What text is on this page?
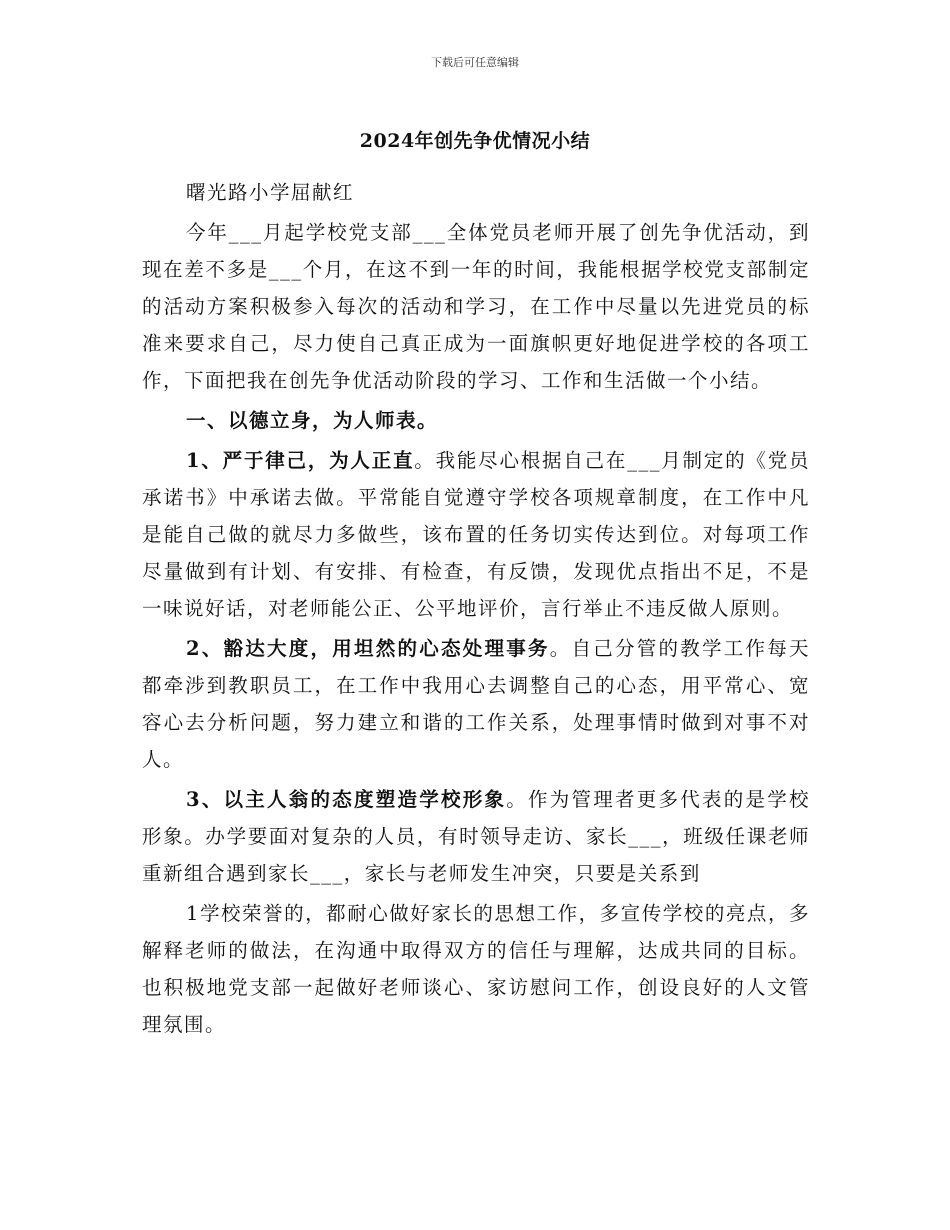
下载后可任意编辑
2024年创先争优情况小结

曙光路小学屈献红

今年___月起学校党支部___全体党员老师开展了创先争优活动，到现在差不多是___个月，在这不到一年的时间，我能根据学校党支部制定的活动方案积极参入每次的活动和学习，在工作中尽量以先进党员的标准来要求自己，尽力使自己真正成为一面旗帜更好地促进学校的各项工作，下面把我在创先争优活动阶段的学习、工作和生活做一个小结。

一、以德立身，为人师表。

1、严于律己，为人正直。我能尽心根据自己在___月制定的《党员承诺书》中承诺去做。平常能自觉遵守学校各项规章制度，在工作中凡是能自己做的就尽力多做些，该布置的任务切实传达到位。对每项工作尽量做到有计划、有安排、有检查，有反馈，发现优点指出不足，不是一味说好话，对老师能公正、公平地评价，言行举止不违反做人原则。

2、豁达大度，用坦然的心态处理事务。自己分管的教学工作每天都牵涉到教职员工，在工作中我用心去调整自己的心态，用平常心、宽容心去分析问题，努力建立和谐的工作关系，处理事情时做到对事不对人。

3、以主人翁的态度塑造学校形象。作为管理者更多代表的是学校形象。办学要面对复杂的人员，有时领导走访、家长___，班级任课老师重新组合遇到家长___，家长与老师发生冲突，只要是关系到

1学校荣誉的，都耐心做好家长的思想工作，多宣传学校的亮点，多解释老师的做法，在沟通中取得双方的信任与理解，达成共同的目标。也积极地党支部一起做好老师谈心、家访慰问工作，创设良好的人文管理氛围。
